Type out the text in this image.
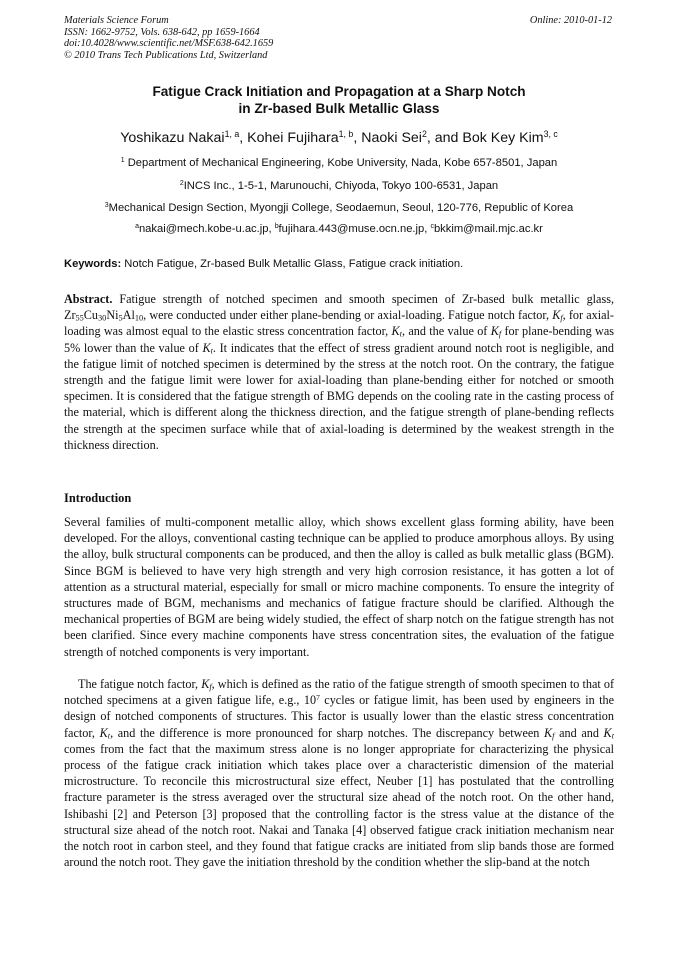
Materials Science Forum
ISSN: 1662-9752, Vols. 638-642, pp 1659-1664
doi:10.4028/www.scientific.net/MSF.638-642.1659
© 2010 Trans Tech Publications Ltd, Switzerland
Online: 2010-01-12
Fatigue Crack Initiation and Propagation at a Sharp Notch
in Zr-based Bulk Metallic Glass
Yoshikazu Nakai$^{1, a}$, Kohei Fujihara$^{1, b}$, Naoki Sei$^2$, and Bok Key Kim$^{3, c}$
$^1$ Department of Mechanical Engineering, Kobe University, Nada, Kobe 657-8501, Japan
$^2$INCS Inc., 1-5-1, Marunouchi, Chiyoda, Tokyo 100-6531, Japan
$^3$Mechanical Design Section, Myongji College, Seodaemun, Seoul, 120-776, Republic of Korea
$^a$nakai@mech.kobe-u.ac.jp, $^b$fujihara.443@muse.ocn.ne.jp, $^c$bkkim@mail.mjc.ac.kr
Keywords: Notch Fatigue, Zr-based Bulk Metallic Glass, Fatigue crack initiation.
Abstract. Fatigue strength of notched specimen and smooth specimen of Zr-based bulk metallic glass, $Zr_{55}Cu_{30}Ni_5Al_{10}$, were conducted under either plane-bending or axial-loading. Fatigue notch factor, $K_f$, for axial-loading was almost equal to the elastic stress concentration factor, $K_t$, and the value of $K_f$ for plane-bending was 5% lower than the value of $K_t$. It indicates that the effect of stress gradient around notch root is negligible, and the fatigue limit of notched specimen is determined by the stress at the notch root. On the contrary, the fatigue strength and the fatigue limit were lower for axial-loading than plane-bending either for notched or smooth specimen. It is considered that the fatigue strength of BMG depends on the cooling rate in the casting process of the material, which is different along the thickness direction, and the fatigue strength of plane-bending reflects the strength at the specimen surface while that of axial-loading is determined by the weakest strength in the thickness direction.
Introduction
Several families of multi-component metallic alloy, which shows excellent glass forming ability, have been developed. For the alloys, conventional casting technique can be applied to produce amorphous alloys. By using the alloy, bulk structural components can be produced, and then the alloy is called as bulk metallic glass (BGM). Since BGM is believed to have very high strength and very high corrosion resistance, it has gotten a lot of attention as a structural material, especially for small or micro machine components. To ensure the integrity of structures made of BGM, mechanisms and mechanics of fatigue fracture should be clarified. Although the mechanical properties of BGM are being widely studied, the effect of sharp notch on the fatigue strength has not been clarified. Since every machine components have stress concentration sites, the evaluation of the fatigue strength of notched components is very important.
The fatigue notch factor, $K_f$, which is defined as the ratio of the fatigue strength of smooth specimen to that of notched specimens at a given fatigue life, e.g., $10^7$ cycles or fatigue limit, has been used by engineers in the design of notched components of structures. This factor is usually lower than the elastic stress concentration factor, $K_t$, and the difference is more pronounced for sharp notches. The discrepancy between $K_f$ and and $K_t$ comes from the fact that the maximum stress alone is no longer appropriate for characterizing the physical process of the fatigue crack initiation which takes place over a characteristic dimension of the material microstructure. To reconcile this microstructural size effect, Neuber [1] has postulated that the controlling fracture parameter is the stress averaged over the structural size ahead of the notch root. On the other hand, Ishibashi [2] and Peterson [3] proposed that the controlling factor is the stress value at the distance of the structural size ahead of the notch root. Nakai and Tanaka [4] observed fatigue crack initiation mechanism near the notch root in carbon steel, and they found that fatigue cracks are initiated from slip bands those are formed around the notch root. They gave the initiation threshold by the condition whether the slip-band at the notch
